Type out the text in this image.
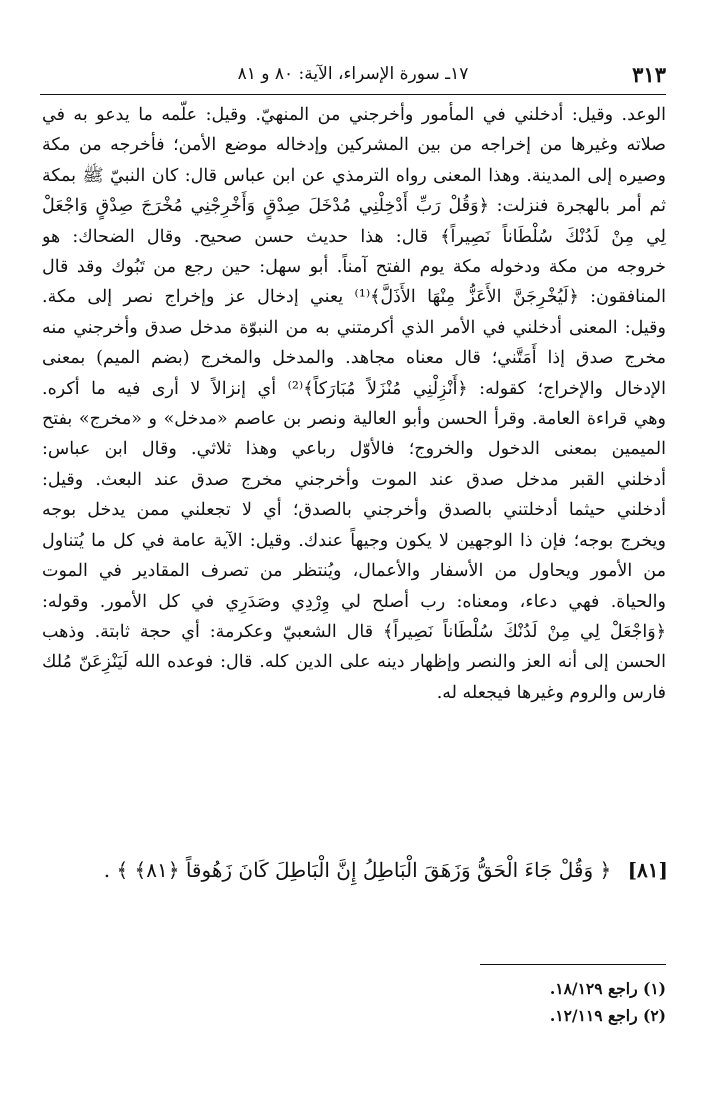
٣١٣
١٧ـ سورة الإسراء، الآية: ٨٠ و ٨١
الوعد. وقيل: أدخلني في المأمور وأخرجني من المنهيّ. وقيل: علّمه ما يدعو به في
صلاته وغيرها من إخراجه من بين المشركين وإدخاله موضع الأمن؛ فأخرجه من مكة
وصيره إلى المدينة. وهذا المعنى رواه الترمذي عن ابن عباس قال: كان النبيّ ﷺ بمكة
ثم أمر بالهجرة فنزلت: ﴿وَقُلْ رَبِّ أَدْخِلْنِي مُدْخَلَ صِدْقٍ وَأَخْرِجْنِي مُخْرَجَ صِدْقٍ وَاجْعَلْ
لِي مِنْ لَدُنْكَ سُلْطَاناً نَصِيراً﴾ قال: هذا حديث حسن صحيح. وقال الضحاك: هو
خروجه من مكة ودخوله مكة يوم الفتح آمناً. أبو سهل: حين رجع من تَبُوك وقد قال
المنافقون: ﴿لَيُخْرِجَنَّ الأَعَزُّ مِنْهَا الأَذَلَّ﴾⁽¹⁾ يعني إدخال عز وإخراج نصر إلى مكة.
وقيل: المعنى أدخلني في الأمر الذي أكرمتني به من النبوّة مدخل صدق وأخرجني منه
مخرج صدق إذا أَمَتَّني؛ قال معناه مجاهد. والمدخل والمخرج (بضم الميم) بمعنى
الإدخال والإخراج؛ كقوله: ﴿أَنْزِلْنِي مُنْزَلاً مُبَارَكاً﴾⁽²⁾ أي إنزالاً لا أرى فيه ما أكره.
وهي قراءة العامة. وقرأ الحسن وأبو العالية ونصر بن عاصم «مدخل» و «مخرج» بفتح
الميمين بمعنى الدخول والخروج؛ فالأوّل رباعي وهذا ثلاثي. وقال ابن عباس:
أدخلني القبر مدخل صدق عند الموت وأخرجني مخرج صدق عند البعث. وقيل:
أدخلني حيثما أدخلتني بالصدق وأخرجني بالصدق؛ أي لا تجعلني ممن يدخل بوجه
ويخرج بوجه؛ فإن ذا الوجهين لا يكون وجيهاً عندك. وقيل: الآية عامة في كل ما يُتناول
من الأمور ويحاول من الأسفار والأعمال، ويُنتظر من تصرف المقادير في الموت
والحياة. فهي دعاء، ومعناه: رب أصلح لي وِرْدِي وصَدَرِي في كل الأمور. وقوله:
﴿وَاجْعَلْ لِي مِنْ لَدُنْكَ سُلْطَاناً نَصِيراً﴾ قال الشعبيّ وعكرمة: أي حجة ثابتة. وذهب
الحسن إلى أنه العز والنصر وإظهار دينه على الدين كله. قال: فوعده الله لَيَنْزِعَنّ مُلك
فارس والروم وغيرها فيجعله له.
[٨١] ﴿ وَقُلْ جَاءَ الْحَقُّ وَزَهَقَ الْبَاطِلُ إِنَّ الْبَاطِلَ كَانَ زَهُوقاً ﴿٨١﴾ ﴾ .
(١) راجع ١٨/١٢٩.
(٢) راجع ١٢/١١٩.
